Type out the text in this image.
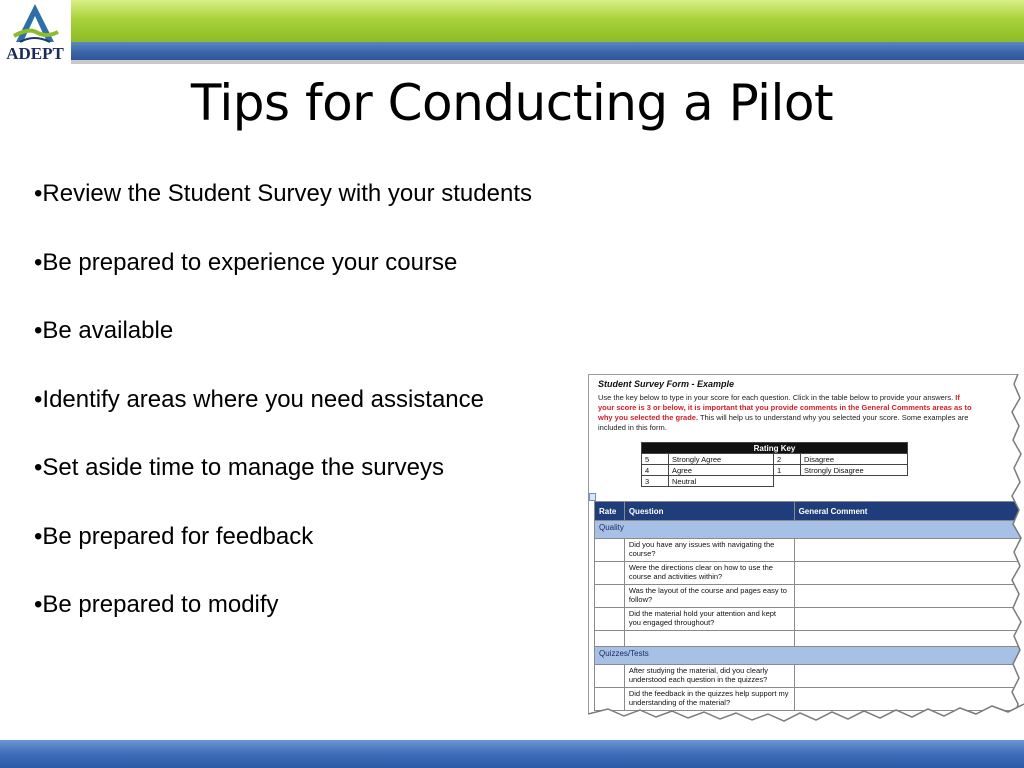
ADEPT
Tips for Conducting a Pilot
•Review the Student Survey with your students
•Be prepared to experience your course
•Be available
•Identify areas where you need assistance
•Set aside time to manage the surveys
•Be prepared for feedback
•Be prepared to modify
Student Survey Form - Example
Use the key below to type in your score for each question. Click in the table below to provide your answers. If your score is 3 or below, it is important that you provide comments in the General Comments areas as to why you selected the grade. This will help us to understand why you selected your score. Some examples are included in this form.
Rating Key			
5	Strongly Agree	2	Disagree
4	Agree	1	Strongly Disagree
3	Neutral		
Rate	Question	General Comment
Quality		
	Did you have any issues with navigating the course?	
	Were the directions clear on how to use the course and activities within?	
	Was the layout of the course and pages easy to follow?	
	Did the material hold your attention and kept you engaged throughout?	

Quizzes/Tests		
	After studying the material, did you clearly understood each question in the quizzes?	
	Did the feedback in the quizzes help support my understanding of the material?	
